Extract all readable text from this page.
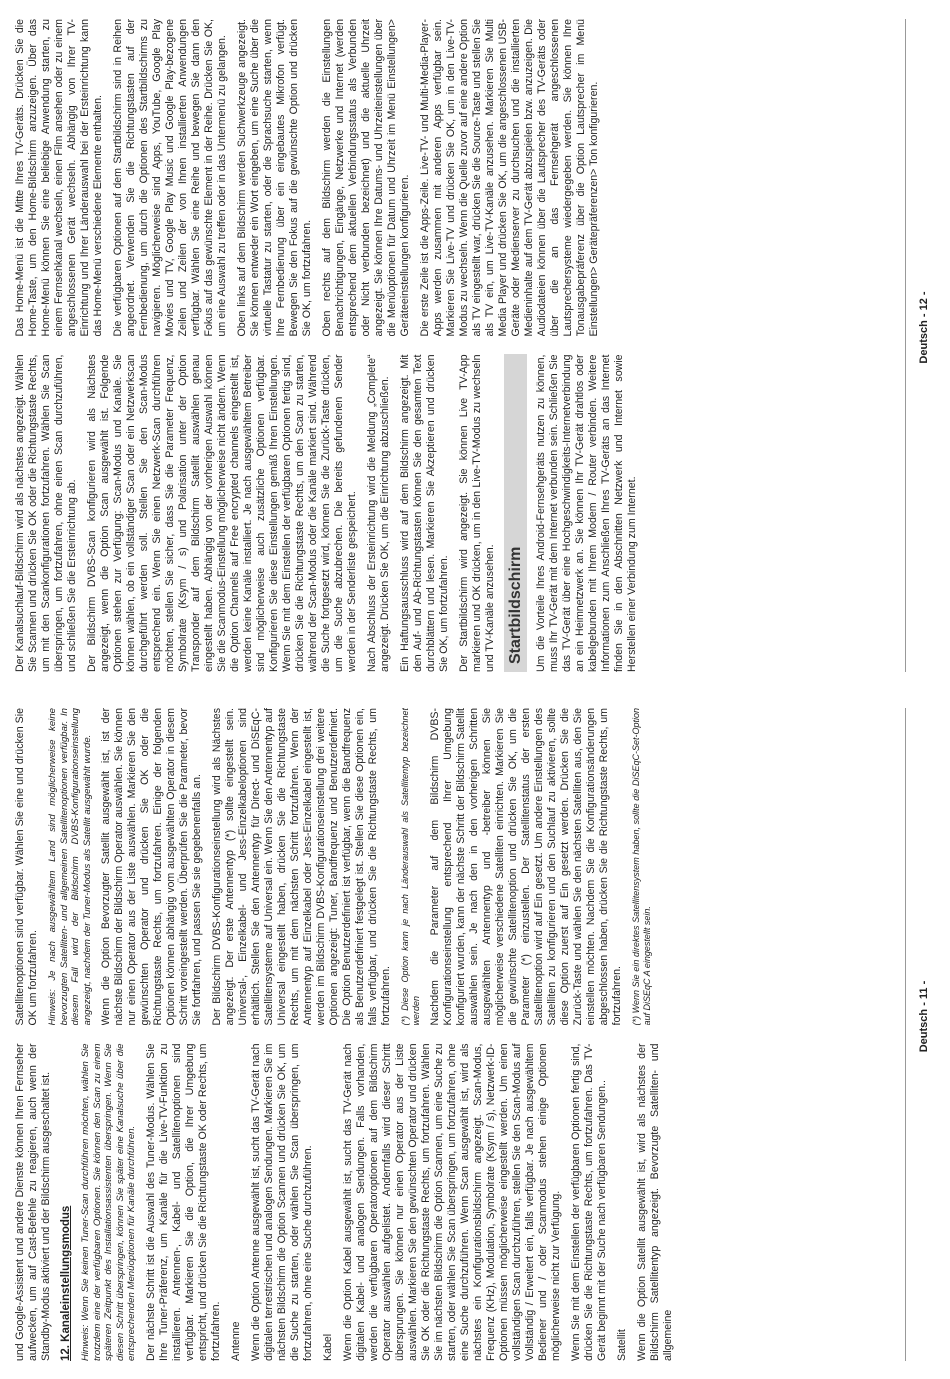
und Google-Assistent und andere Dienste können Ihren Fernseher aufwecken, um auf Cast-Befehle zu reagieren, auch wenn der Standby-Modus aktiviert und der Bildschirm ausgeschaltet ist. 12. Kanaleinstellungsmodus Hinweis: Wenn Sie keinen Tuner-Scan durchführen möchten, wählen Sie trotzdem eine der verfügbaren Optionen. Sie können den Scan zu einem späteren Zeitpunkt des Installationsassistenten überspringen. Wenn Sie diesen Schritt überspringen, können Sie später eine Kanalsuche über die entsprechenden Menüoptionen für Kanäle durchführen. Der nächste Schritt ist die Auswahl des Tuner-Modus. Wählen Sie Ihre Tuner-Präferenz, um Kanäle für die Live-TV-Funktion zu installieren. Antennen-, Kabel- und Satellitenoptionen sind verfügbar. Markieren Sie die Option, die Ihrer Umgebung entspricht, und drücken Sie die Richtungstaste OK oder Rechts, um fortzufahren. Antenne Wenn die Option Antenne ausgewählt ist, sucht das TV-Gerät nach digitalen terrestrischen und analogen Sendungen. Markieren Sie im nächsten Bildschirm die Option Scannen und drücken Sie OK, um die Suche zu starten, oder wählen Sie Scan überspringen, um fortzufahren, ohne eine Suche durchzuführen. Kabel Wenn die Option Kabel ausgewählt ist, sucht das TV-Gerät nach digitalen Kabel- und analogen Sendungen. Falls vorhanden, werden die verfügbaren Operatoroptionen auf dem Bildschirm Operator auswählen aufgelistet. Andernfalls wird dieser Schritt übersprungen. Sie können nur einen Operator aus der Liste auswählen. Markieren Sie den gewünschten Operator und drücken Sie OK oder die Richtungstaste Rechts, um fortzufahren. Wählen Sie im nächsten Bildschirm die Option Scannen, um eine Suche zu starten, oder wählen Sie Scan überspringen, um fortzufahren, ohne eine Suche durchzuführen. Wenn Scan ausgewählt ist, wird als nächstes ein Konfigurationsbildschirm angezeigt. Scan-Modus, Frequenz (KHz), Modulation, Symbolrate (Ksym / s), Netzwerk-ID-Optionen müssen möglicherweise eingestellt werden. Um einen vollständigen Scan durchzuführen, stellen Sie den Scan-Modus auf Vollständig / Erweitert ein, falls verfügbar. Je nach ausgewähltem Bediener und / oder Scanmodus stehen einige Optionen möglicherweise nicht zur Verfügung. Wenn Sie mit dem Einstellen der verfügbaren Optionen fertig sind, drücken Sie die Richtungstaste Rechts, um fortzufahren. Das TV-Gerät beginnt mit der Suche nach verfügbaren Sendungen.. Satellit Wenn die Option Satellit ausgewählt ist, wird als nächstes der Bildschirm Satellitentyp angezeigt. Bevorzugte Satelliten- und allgemeine

Satellitenoptionen sind verfügbar. Wählen Sie eine und drücken Sie OK um fortzufahren. Hinweis: Je nach ausgewähltem Land sind möglicherweise keine bevorzugten Satelliten- und allgemeinen Satellitenoptionen verfügbar. In diesem Fall wird der Bildschirm DVBS-Konfigurationseinstellung angezeigt, nachdem der Tuner-Modus als Satellit ausgewählt wurde. Wenn die Option Bevorzugter Satellit ausgewählt ist, ist der nächste Bildschirm der Bildschirm Operator auswählen. Sie können nur einen Operator aus der Liste auswählen. Markieren Sie den gewünschten Operator und drücken Sie OK oder die Richtungstaste Rechts, um fortzufahren. Einige der folgenden Optionen können abhängig vom ausgewählten Operator in diesem Schritt voreingestellt werden. Überprüfen Sie die Parameter, bevor Sie fortfahren, und passen Sie sie gegebenenfalls an. Der Bildschirm DVBS-Konfigurationseinstellung wird als Nächstes angezeigt. Der erste Antennentyp (*) sollte eingestellt sein. Universal-, Einzelkabel- und Jess-Einzelkabeloptionen sind erhältlich. Stellen Sie den Antennentyp für Direct- und DiSEqC-Satellitensysteme auf Universal ein. Wenn Sie den Antennentyp auf Universal eingestellt haben, drücken Sie die Richtungstaste Rechts, um mit dem nächsten Schritt fortzufahren. Wenn der Antennentyp auf Einzelkabel oder Jess-Einzelkabel eingestellt ist, werden im Bildschirm DVBS-Konfigurationseinstellung drei weitere Optionen angezeigt: Tuner, Bandfrequenz und Benutzerdefiniert. Die Option Benutzerdefiniert ist verfügbar, wenn die Bandfrequenz als Benutzerdefiniert festgelegt ist. Stellen Sie diese Optionen ein, falls verfügbar, und drücken Sie die Richtungstaste Rechts, um fortzufahren. (*) Diese Option kann je nach Länderauswahl als Satellitentyp bezeichnet werden Nachdem die Parameter auf dem Bildschirm DVBS-Konfigurationseinstellung entsprechend Ihrer Umgebung konfiguriert wurden, kann der nächste Schritt der Bildschirm Satellit auswählen sein. Je nach den in den vorherigen Schritten ausgewählten Antennentyp und -betreiber können Sie möglicherweise verschiedene Satelliten einrichten. Markieren Sie die gewünschte Satellitenoption und drücken Sie OK, um die Parameter (*) einzustellen. Der Satellitenstatus der ersten Satellitenoption wird auf Ein gesetzt. Um andere Einstellungen des Satelliten zu konfigurieren und den Suchlauf zu aktivieren, sollte diese Option zuerst auf Ein gesetzt werden. Drücken Sie die Zurück-Taste und wählen Sie den nächsten Satelliten aus, den Sie einstellen möchten. Nachdem Sie die Konfigurationsänderungen abgeschlossen haben, drücken Sie die Richtungstaste Rechts, um fortzufahren. (*) Wenn Sie ein direktes Satellitensystem haben, sollte die DiSEqC-Set-Option auf DiSEqC A eingestellt sein.	Deutsch - 11 -

Der Kanalsuchlauf-Bildschirm wird als nächstes angezeigt. Wählen Sie Scannen und drücken Sie OK oder die Richtungstaste Rechts, um mit den Scankonfigurationen fortzufahren. Wählen Sie Scan überspringen, um fortzufahren, ohne einen Scan durchzuführen, und schließen Sie die Ersteinrichtung ab. Der Bildschirm DVBS-Scan konfigurieren wird als Nächstes angezeigt, wenn die Option Scan ausgewählt ist. Folgende Optionen stehen zur Verfügung: Scan-Modus und Kanäle. Sie können wählen, ob ein vollständiger Scan oder ein Netzwerkscan durchgeführt werden soll. Stellen Sie den Scan-Modus entsprechend ein. Wenn Sie einen Netzwerk-Scan durchführen möchten, stellen Sie sicher, dass Sie die Parameter Frequenz, Symbolrate (Ksym / s) und Polarisation unter der Option Transponder auf dem Bildschirm Satellit auswählen genau eingestellt haben. Abhängig von der vorherigen Auswahl können Sie die Scanmodus-Einstellung möglicherweise nicht ändern. Wenn die Option Channels auf Free encrypted channels eingestellt ist, werden keine Kanäle installiert. Je nach ausgewähltem Betreiber sind möglicherweise auch zusätzliche Optionen verfügbar. Konfigurieren Sie diese Einstellungen gemäß Ihren Einstellungen. Wenn Sie mit dem Einstellen der verfügbaren Optionen fertig sind, drücken Sie die Richtungstaste Rechts, um den Scan zu starten, während der Scan-Modus oder die Kanäle markiert sind. Während die Suche fortgesetzt wird, können Sie die Zurück-Taste drücken, um die Suche abzubrechen. Die bereits gefundenen Sender werden in der Senderliste gespeichert. Nach Abschluss der Ersteinrichtung wird die Meldung „Complete“ angezeigt. Drücken Sie OK, um die Einrichtung abzuschließen. Ein Haftungsausschluss wird auf dem Bildschirm angezeigt. Mit den Auf- und Ab-Richtungstasten können Sie den gesamten Text durchblättern und lesen. Markieren Sie Akzeptieren und drücken Sie OK, um fortzufahren. Der Startbildschirm wird angezeigt. Sie können Live TV-App markieren und OK drücken, um in den Live-TV-Modus zu wechseln und TV-Kanäle anzusehen. Startbildschirm Um die Vorteile Ihres Android-Fernsehgeräts nutzen zu können, muss Ihr TV-Gerät mit dem Internet verbunden sein. Schließen Sie das TV-Gerät über eine Hochgeschwindigkeits-Internetverbindung an ein Heimnetzwerk an. Sie können Ihr TV-Gerät drahtlos oder kabelgebunden mit Ihrem Modem / Router verbinden. Weitere Informationen zum Anschließen Ihres TV-Geräts an das Internet finden Sie in den Abschnitten Netzwerk und Internet sowie Herstellen einer Verbindung zum Internet.

Das Home-Menü ist die Mitte Ihres TV-Geräts. Drücken Sie die Home-Taste, um den Home-Bildschirm anzuzeigen. Über das Home-Menü können Sie eine beliebige Anwendung starten, zu einem Fernsehkanal wechseln, einen Film ansehen oder zu einem angeschlossenen Gerät wechseln. Abhängig von Ihrer TV-Einrichtung und Ihrer Länderauswahl bei der Ersteinrichtung kann das Home-Menü verschiedene Elemente enthalten. Die verfügbaren Optionen auf dem Startbildschirm sind in Reihen angeordnet. Verwenden Sie die Richtungstasten auf der Fernbedienung, um durch die Optionen des Startbildschirms zu navigieren. Möglicherweise sind Apps, YouTube, Google Play Movies und TV, Google Play Music und Google Play-bezogene Zeilen und Zeilen der von Ihnen installierten Anwendungen verfügbar. Wählen Sie eine Reihe und bewegen Sie dann den Fokus auf das gewünschte Element in der Reihe. Drücken Sie OK, um eine Auswahl zu treffen oder in das Untermenü zu gelangen. Oben links auf dem Bildschirm werden Suchwerkzeuge angezeigt. Sie können entweder ein Wort eingeben, um eine Suche über die virtuelle Tastatur zu starten, oder die Sprachsuche starten, wenn Ihre Fernbedienung über ein eingebautes Mikrofon verfügt. Bewegen Sie den Fokus auf die gewünschte Option und drücken Sie OK, um fortzufahren. Oben rechts auf dem Bildschirm werden die Einstellungen Benachrichtigungen, Eingänge, Netzwerke und Internet (werden entsprechend dem aktuellen Verbindungsstatus als Verbunden oder Nicht verbunden bezeichnet) und die aktuelle Uhrzeit angezeigt. Sie können Ihre Datums- und Uhrzeiteinstellungen über die Menüoptionen für Datum und Uhrzeit im Menü Einstellungen> Geräteeinstellungen konfigurieren. Die erste Zeile ist die Apps-Zeile. Live-TV- und Multi-Media-Player-Apps werden zusammen mit anderen Apps verfügbar sein. Markieren Sie Live-TV und drücken Sie OK, um in den Live-TV-Modus zu wechseln. Wenn die Quelle zuvor auf eine andere Option als TV eingestellt war, drücken Sie die Source-Taste und stellen Sie als TV ein, um Live-TV-Kanäle anzusehen. Markieren Sie Multi Media Player und drücken Sie OK, um die angeschlossenen USB-Geräte oder Medienserver zu durchsuchen und die installierten Medieninhalte auf dem TV-Gerät abzuspielen bzw. anzuzeigen. Die Audiodateien können über die Lautsprecher des TV-Geräts oder über die an das Fernsehgerät angeschlossenen Lautsprechersysteme wiedergegeben werden. Sie können Ihre Tonausgabepräferenz über die Option Lautsprecher im Menü Einstellungen> Gerätepräferenzen> Ton konfigurieren.	Deutsch - 12 -
